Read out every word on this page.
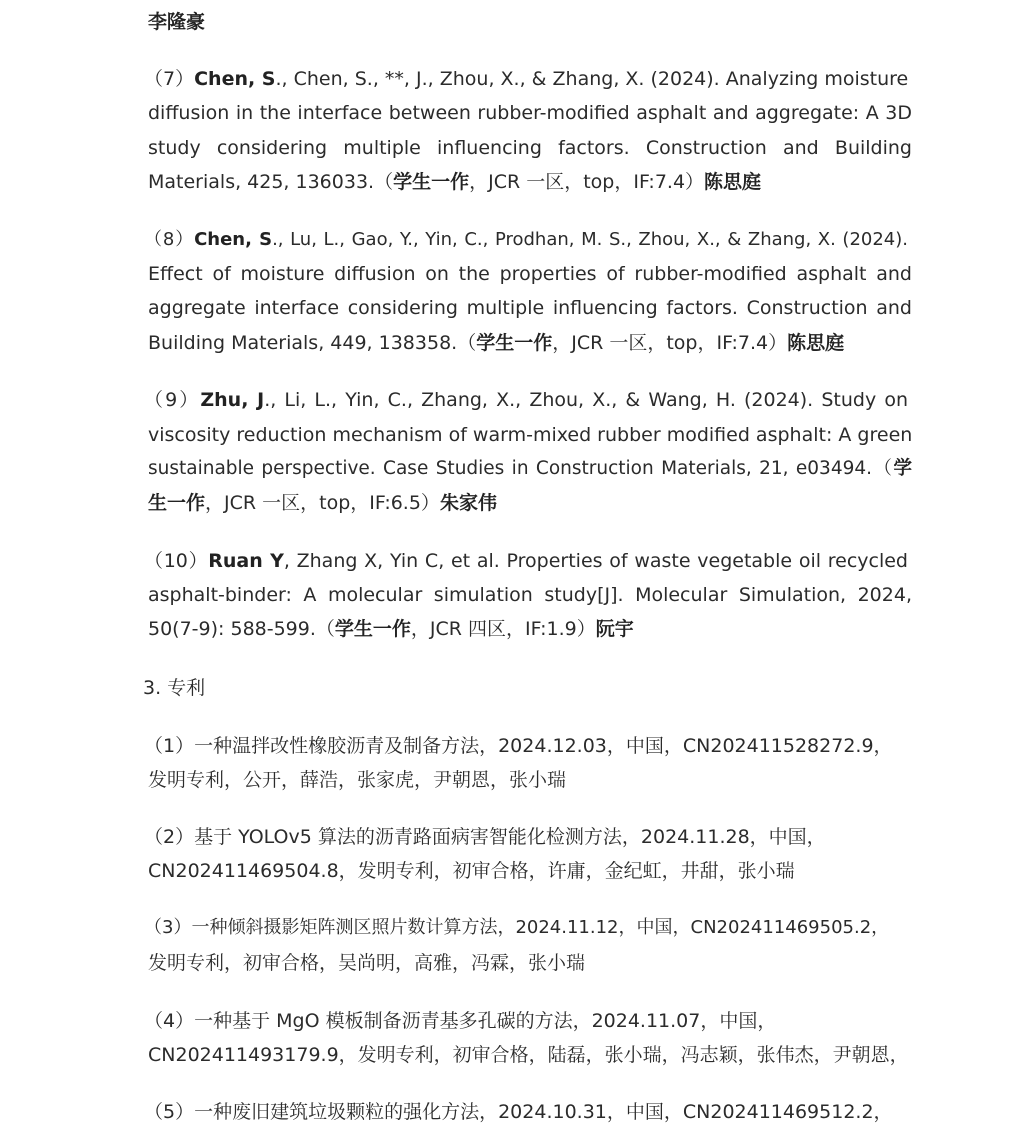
李隆豪
（7）Chen, S., Chen, S., **, J., Zhou, X., & Zhang, X. (2024). Analyzing moisture
diffusion in the interface between rubber-modified asphalt and aggregate: A 3D
study considering multiple influencing factors. Construction and Building
Materials, 425, 136033.（学生一作，JCR 一区，top，IF:7.4）陈思庭
（8）Chen, S., Lu, L., Gao, Y., Yin, C., Prodhan, M. S., Zhou, X., & Zhang, X. (2024).
Effect of moisture diffusion on the properties of rubber-modified asphalt and
aggregate interface considering multiple influencing factors. Construction and
Building Materials, 449, 138358.（学生一作，JCR 一区，top，IF:7.4）陈思庭
（9）Zhu, J., Li, L., Yin, C., Zhang, X., Zhou, X., & Wang, H. (2024). Study on
viscosity reduction mechanism of warm-mixed rubber modified asphalt: A green
sustainable perspective. Case Studies in Construction Materials, 21, e03494.（学
生一作，JCR 一区，top，IF:6.5）朱家伟
（10）Ruan Y, Zhang X, Yin C, et al. Properties of waste vegetable oil recycled
asphalt-binder: A molecular simulation study[J]. Molecular Simulation, 2024,
50(7-9): 588-599.（学生一作，JCR 四区，IF:1.9）阮宇
3. 专利
（1）一种温拌改性橡胶沥青及制备方法，2024.12.03，中国，CN202411528272.9，
发明专利，公开，薛浩，张家虎，尹朝恩，张小瑞
（2）基于 YOLOv5 算法的沥青路面病害智能化检测方法，2024.11.28，中国，
CN202411469504.8，发明专利，初审合格，许庸，金纪虹，井甜，张小瑞
（3）一种倾斜摄影矩阵测区照片数计算方法，2024.11.12，中国，CN202411469505.2，
发明专利，初审合格，吴尚明，高雅，冯霖，张小瑞
（4）一种基于 MgO 模板制备沥青基多孔碳的方法，2024.11.07，中国，
CN202411493179.9，发明专利，初审合格，陆磊，张小瑞，冯志颖，张伟杰，尹朝恩，
（5）一种废旧建筑垃圾颗粒的强化方法，2024.10.31，中国，CN202411469512.2，
